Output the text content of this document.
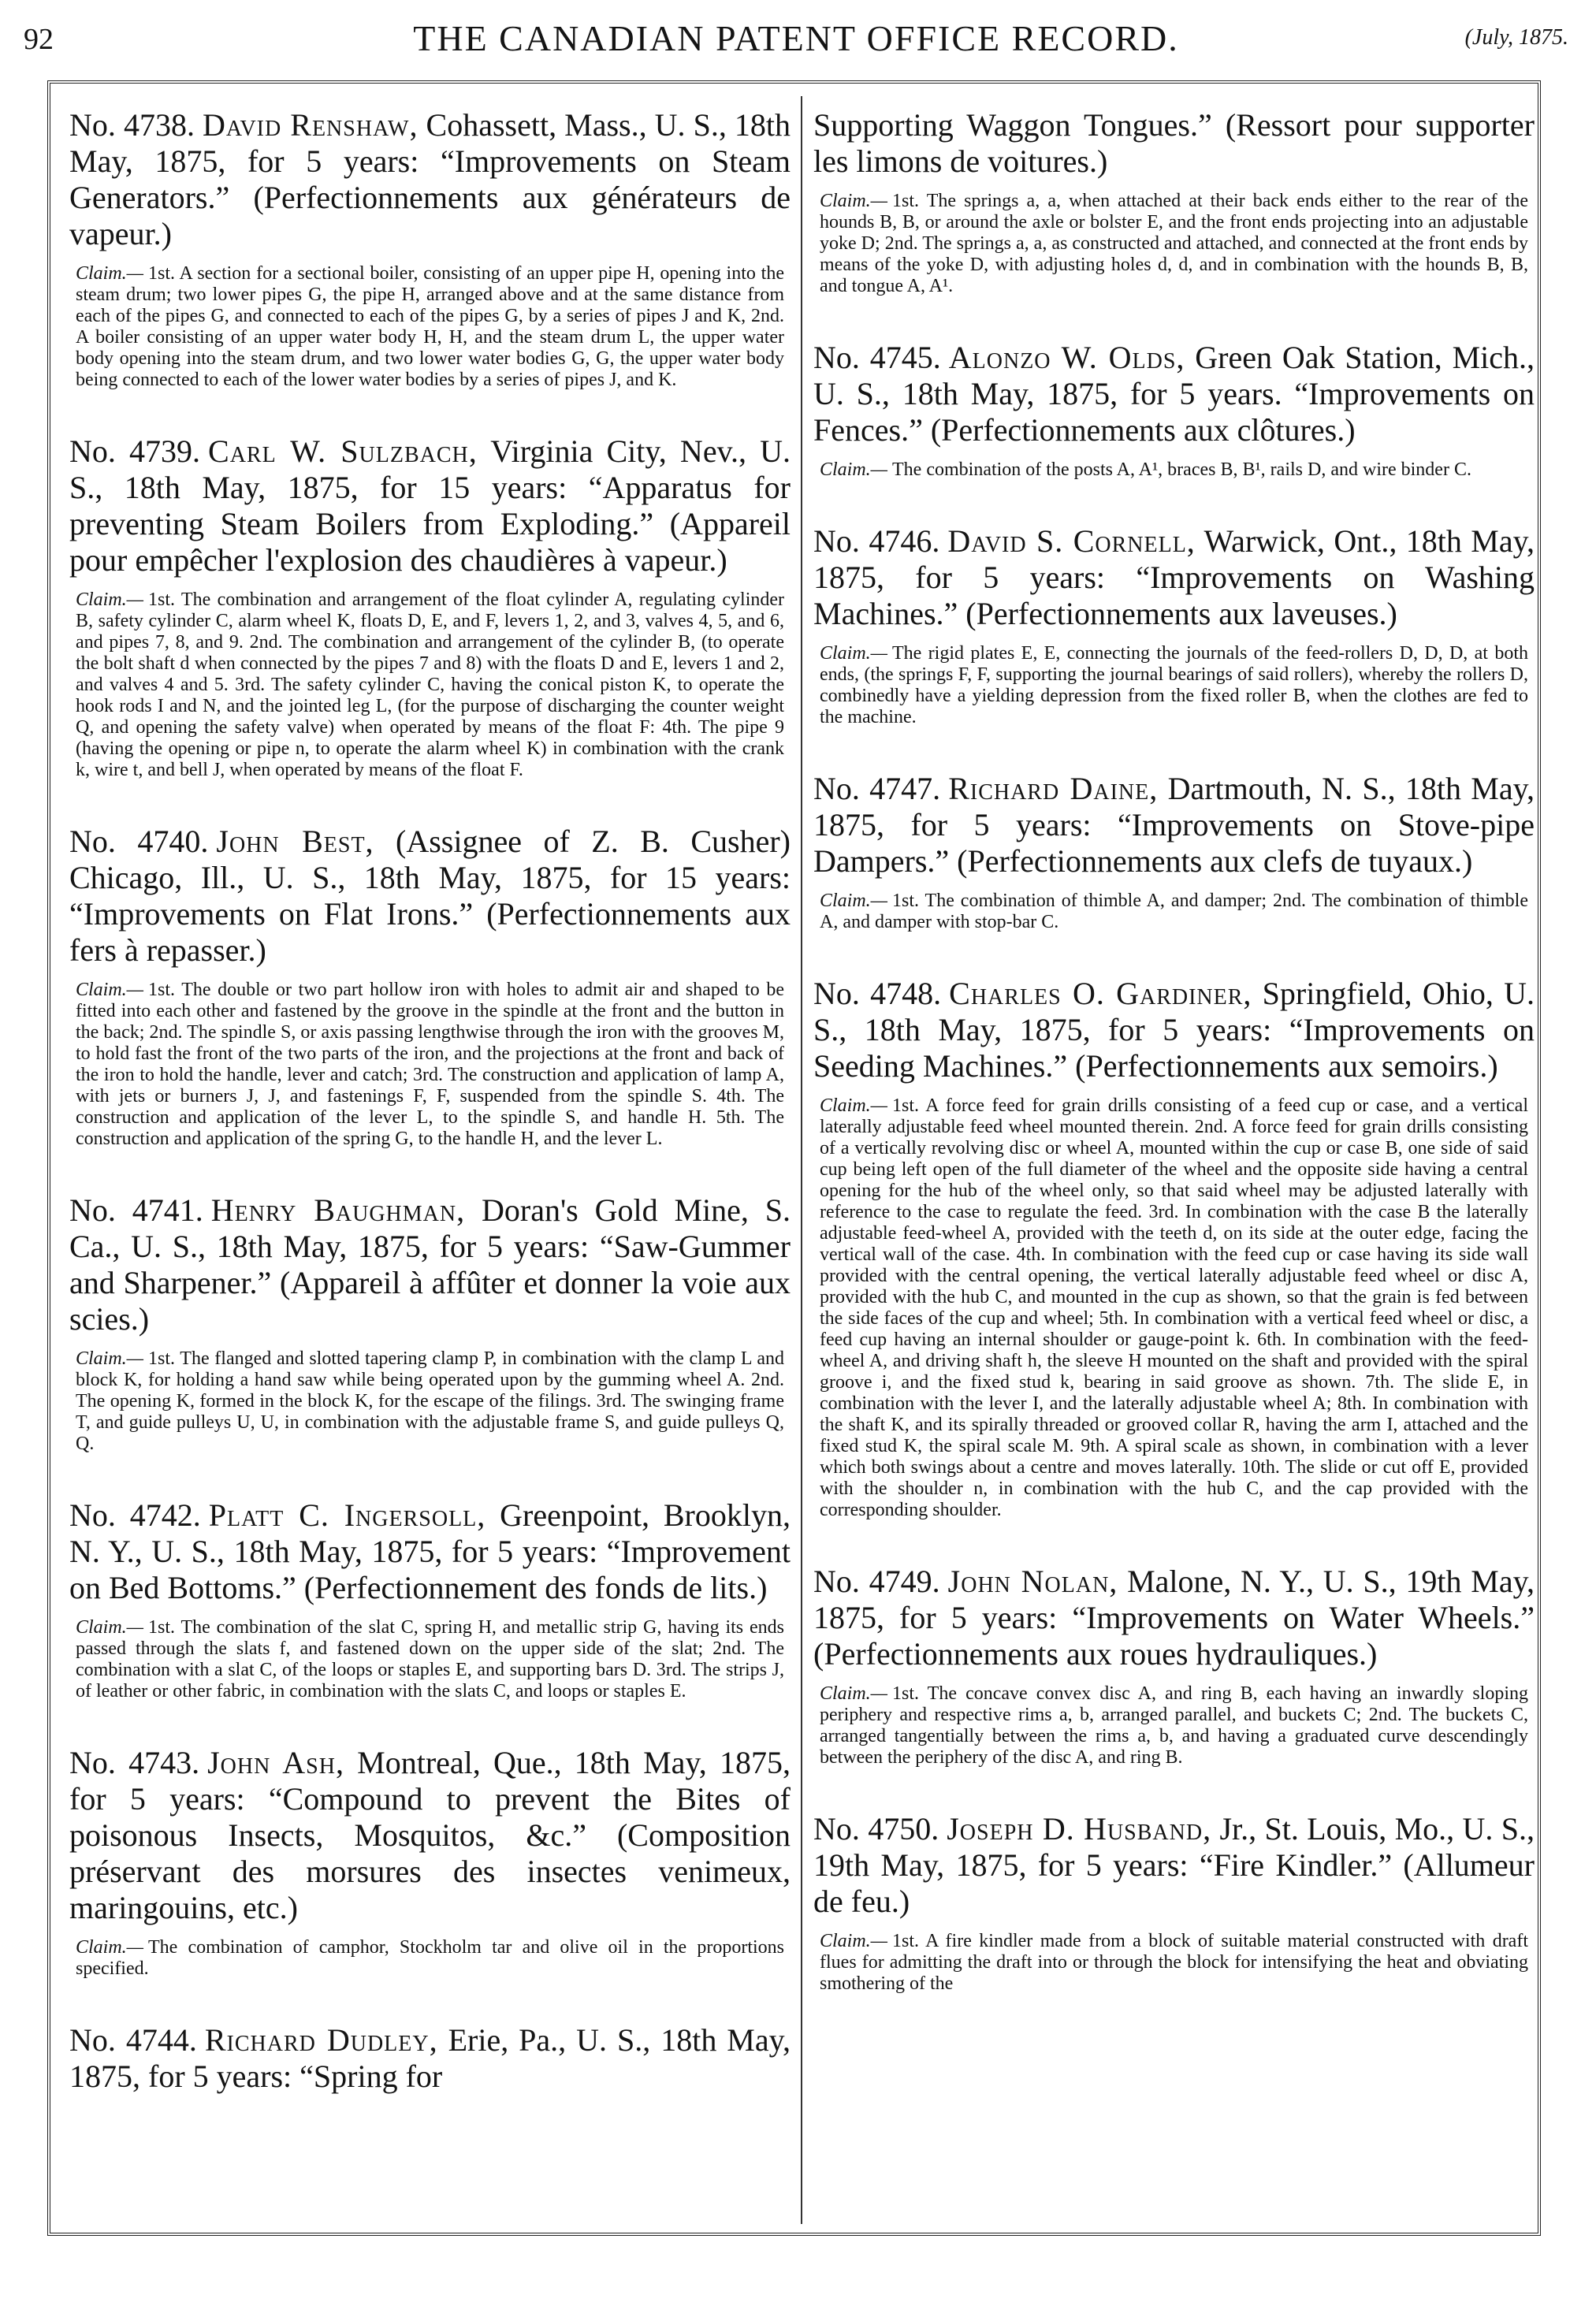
92	THE CANADIAN PATENT OFFICE RECORD.	(July, 1875.

No. 4738. David Renshaw, Cohassett, Mass., U. S., 18th May, 1875, for 5 years: “Improvements on Steam Generators.” (Perfectionnements aux générateurs de vapeur.)

Claim.— 1st. A section for a sectional boiler, consisting of an upper pipe H, opening into the steam drum; two lower pipes G, the pipe H, arranged above and at the same distance from each of the pipes G, and connected to each of the pipes G, by a series of pipes J and K, 2nd. A boiler consisting of an upper water body H, H, and the steam drum L, the upper water body opening into the steam drum, and two lower water bodies G, G, the upper water body being connected to each of the lower water bodies by a series of pipes J, and K.

No. 4739. Carl W. Sulzbach, Virginia City, Nev., U. S., 18th May, 1875, for 15 years: “Apparatus for preventing Steam Boilers from Exploding.” (Appareil pour empêcher l'explosion des chaudières à vapeur.)

Claim.— 1st. The combination and arrangement of the float cylinder A, regulating cylinder B, safety cylinder C, alarm wheel K, floats D, E, and F, levers 1, 2, and 3, valves 4, 5, and 6, and pipes 7, 8, and 9. 2nd. The combination and arrangement of the cylinder B, (to operate the bolt shaft d when connected by the pipes 7 and 8) with the floats D and E, levers 1 and 2, and valves 4 and 5. 3rd. The safety cylinder C, having the conical piston K, to operate the hook rods I and N, and the jointed leg L, (for the purpose of discharging the counter weight Q, and opening the safety valve) when operated by means of the float F: 4th. The pipe 9 (having the opening or pipe n, to operate the alarm wheel K) in combination with the crank k, wire t, and bell J, when operated by means of the float F.

No. 4740. John Best, (Assignee of Z. B. Cusher) Chicago, Ill., U. S., 18th May, 1875, for 15 years: “Improvements on Flat Irons.” (Perfectionnements aux fers à repasser.)

Claim.— 1st. The double or two part hollow iron with holes to admit air and shaped to be fitted into each other and fastened by the groove in the spindle at the front and the button in the back; 2nd. The spindle S, or axis passing lengthwise through the iron with the grooves M, to hold fast the front of the two parts of the iron, and the projections at the front and back of the iron to hold the handle, lever and catch; 3rd. The construction and application of lamp A, with jets or burners J, J, and fastenings F, F, suspended from the spindle S. 4th. The construction and application of the lever L, to the spindle S, and handle H. 5th. The construction and application of the spring G, to the handle H, and the lever L.

No. 4741. Henry Baughman, Doran's Gold Mine, S. Ca., U. S., 18th May, 1875, for 5 years: “Saw-Gummer and Sharpener.” (Appareil à affûter et donner la voie aux scies.)

Claim.— 1st. The flanged and slotted tapering clamp P, in combination with the clamp L and block K, for holding a hand saw while being operated upon by the gumming wheel A. 2nd. The opening K, formed in the block K, for the escape of the filings. 3rd. The swinging frame T, and guide pulleys U, U, in combination with the adjustable frame S, and guide pulleys Q, Q.

No. 4742. Platt C. Ingersoll, Greenpoint, Brooklyn, N. Y., U. S., 18th May, 1875, for 5 years: “Improvement on Bed Bottoms.” (Perfectionnement des fonds de lits.)

Claim.— 1st. The combination of the slat C, spring H, and metallic strip G, having its ends passed through the slats f, and fastened down on the upper side of the slat; 2nd. The combination with a slat C, of the loops or staples E, and supporting bars D. 3rd. The strips J, of leather or other fabric, in combination with the slats C, and loops or staples E.

No. 4743. John Ash, Montreal, Que., 18th May, 1875, for 5 years: “Compound to prevent the Bites of poisonous Insects, Mosquitos, &c.” (Composition préservant des morsures des insectes venimeux, maringouins, etc.)

Claim.— The combination of camphor, Stockholm tar and olive oil in the proportions specified.

No. 4744. Richard Dudley, Erie, Pa., U. S., 18th May, 1875, for 5 years: “Spring for

Supporting Waggon Tongues.” (Ressort pour supporter les limons de voitures.)

Claim.— 1st. The springs a, a, when attached at their back ends either to the rear of the hounds B, B, or around the axle or bolster E, and the front ends projecting into an adjustable yoke D; 2nd. The springs a, a, as constructed and attached, and connected at the front ends by means of the yoke D, with adjusting holes d, d, and in combination with the hounds B, B, and tongue A, A¹.

No. 4745. Alonzo W. Olds, Green Oak Station, Mich., U. S., 18th May, 1875, for 5 years. “Improvements on Fences.” (Perfectionnements aux clôtures.)

Claim.— The combination of the posts A, A¹, braces B, B¹, rails D, and wire binder C.

No. 4746. David S. Cornell, Warwick, Ont., 18th May, 1875, for 5 years: “Improvements on Washing Machines.” (Perfectionnements aux laveuses.)

Claim.— The rigid plates E, E, connecting the journals of the feed-rollers D, D, D, at both ends, (the springs F, F, supporting the journal bearings of said rollers), whereby the rollers D, combinedly have a yielding depression from the fixed roller B, when the clothes are fed to the machine.

No. 4747. Richard Daine, Dartmouth, N. S., 18th May, 1875, for 5 years: “Improvements on Stove-pipe Dampers.” (Perfectionnements aux clefs de tuyaux.)

Claim.— 1st. The combination of thimble A, and damper; 2nd. The combination of thimble A, and damper with stop-bar C.

No. 4748. Charles O. Gardiner, Springfield, Ohio, U. S., 18th May, 1875, for 5 years: “Improvements on Seeding Machines.” (Perfectionnements aux semoirs.)

Claim.— 1st. A force feed for grain drills consisting of a feed cup or case, and a vertical laterally adjustable feed wheel mounted therein. 2nd. A force feed for grain drills consisting of a vertically revolving disc or wheel A, mounted within the cup or case B, one side of said cup being left open of the full diameter of the wheel and the opposite side having a central opening for the hub of the wheel only, so that said wheel may be adjusted laterally with reference to the case to regulate the feed. 3rd. In combination with the case B the laterally adjustable feed-wheel A, provided with the teeth d, on its side at the outer edge, facing the vertical wall of the case. 4th. In combination with the feed cup or case having its side wall provided with the central opening, the vertical laterally adjustable feed wheel or disc A, provided with the hub C, and mounted in the cup as shown, so that the grain is fed between the side faces of the cup and wheel; 5th. In combination with a vertical feed wheel or disc, a feed cup having an internal shoulder or gauge-point k. 6th. In combination with the feed-wheel A, and driving shaft h, the sleeve H mounted on the shaft and provided with the spiral groove i, and the fixed stud k, bearing in said groove as shown. 7th. The slide E, in combination with the lever I, and the laterally adjustable wheel A; 8th. In combination with the shaft K, and its spirally threaded or grooved collar R, having the arm I, attached and the fixed stud K, the spiral scale M. 9th. A spiral scale as shown, in combination with a lever which both swings about a centre and moves laterally. 10th. The slide or cut off E, provided with the shoulder n, in combination with the hub C, and the cap provided with the corresponding shoulder.

No. 4749. John Nolan, Malone, N. Y., U. S., 19th May, 1875, for 5 years: “Improvements on Water Wheels.” (Perfectionnements aux roues hydrauliques.)

Claim.— 1st. The concave convex disc A, and ring B, each having an inwardly sloping periphery and respective rims a, b, arranged parallel, and buckets C; 2nd. The buckets C, arranged tangentially between the rims a, b, and having a graduated curve descendingly between the periphery of the disc A, and ring B.

No. 4750. Joseph D. Husband, Jr., St. Louis, Mo., U. S., 19th May, 1875, for 5 years: “Fire Kindler.” (Allumeur de feu.)

Claim.— 1st. A fire kindler made from a block of suitable material constructed with draft flues for admitting the draft into or through the block for intensifying the heat and obviating smothering of the
